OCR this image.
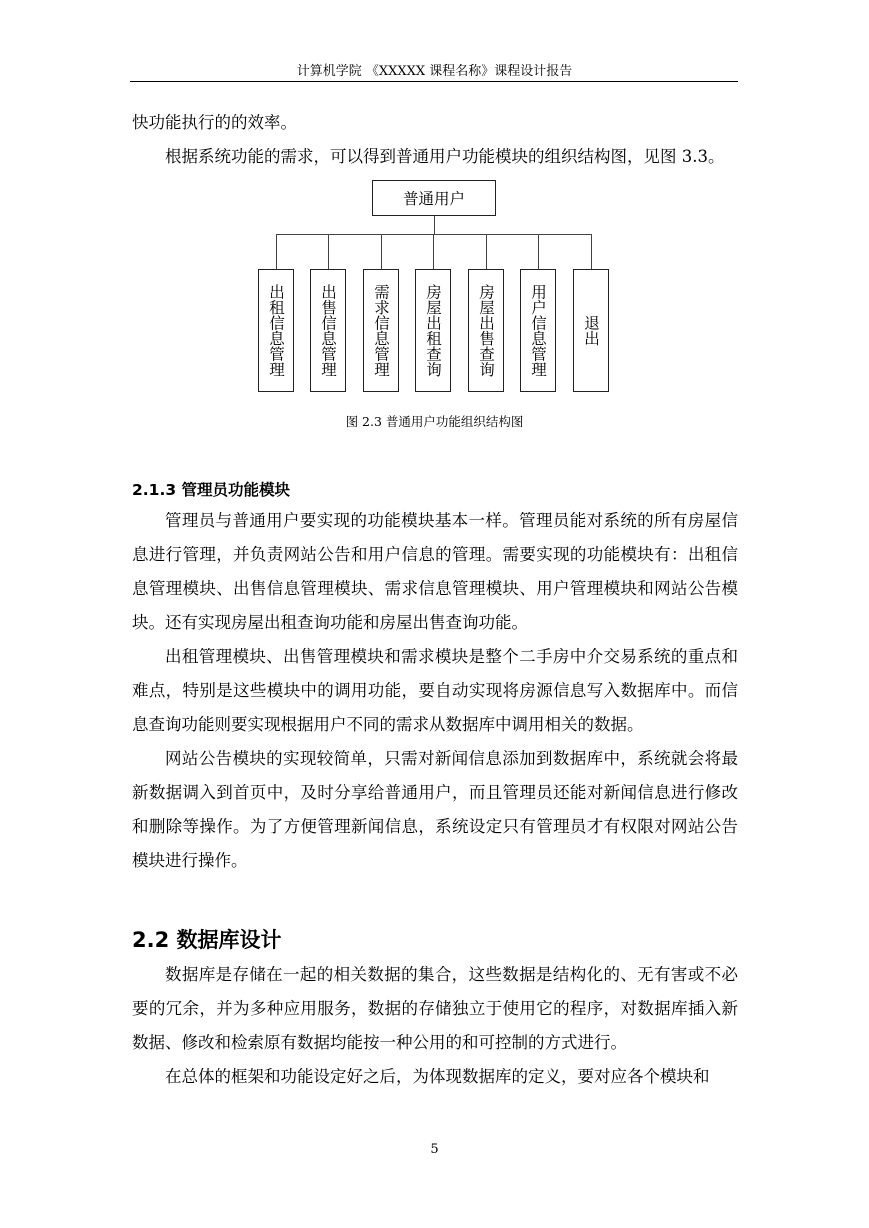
计算机学院 《XXXXX 课程名称》课程设计报告

快功能执行的的效率。

根据系统功能的需求，可以得到普通用户功能模块的组织结构图，见图 3.3。

普通用户
出租信息管理	出售信息管理	需求信息管理	房屋出租查询	房屋出售查询	用户信息管理	退出
图 2.3 普通用户功能组织结构图
2.1.3 管理员功能模块

管理员与普通用户要实现的功能模块基本一样。管理员能对系统的所有房屋信息进行管理，并负责网站公告和用户信息的管理。需要实现的功能模块有：出租信息管理模块、出售信息管理模块、需求信息管理模块、用户管理模块和网站公告模块。还有实现房屋出租查询功能和房屋出售查询功能。

出租管理模块、出售管理模块和需求模块是整个二手房中介交易系统的重点和难点，特别是这些模块中的调用功能，要自动实现将房源信息写入数据库中。而信息查询功能则要实现根据用户不同的需求从数据库中调用相关的数据。

网站公告模块的实现较简单，只需对新闻信息添加到数据库中，系统就会将最新数据调入到首页中，及时分享给普通用户，而且管理员还能对新闻信息进行修改和删除等操作。为了方便管理新闻信息，系统设定只有管理员才有权限对网站公告模块进行操作。

2.2 数据库设计

数据库是存储在一起的相关数据的集合，这些数据是结构化的、无有害或不必要的冗余，并为多种应用服务，数据的存储独立于使用它的程序，对数据库插入新数据、修改和检索原有数据均能按一种公用的和可控制的方式进行。

在总体的框架和功能设定好之后，为体现数据库的定义，要对应各个模块和

5
